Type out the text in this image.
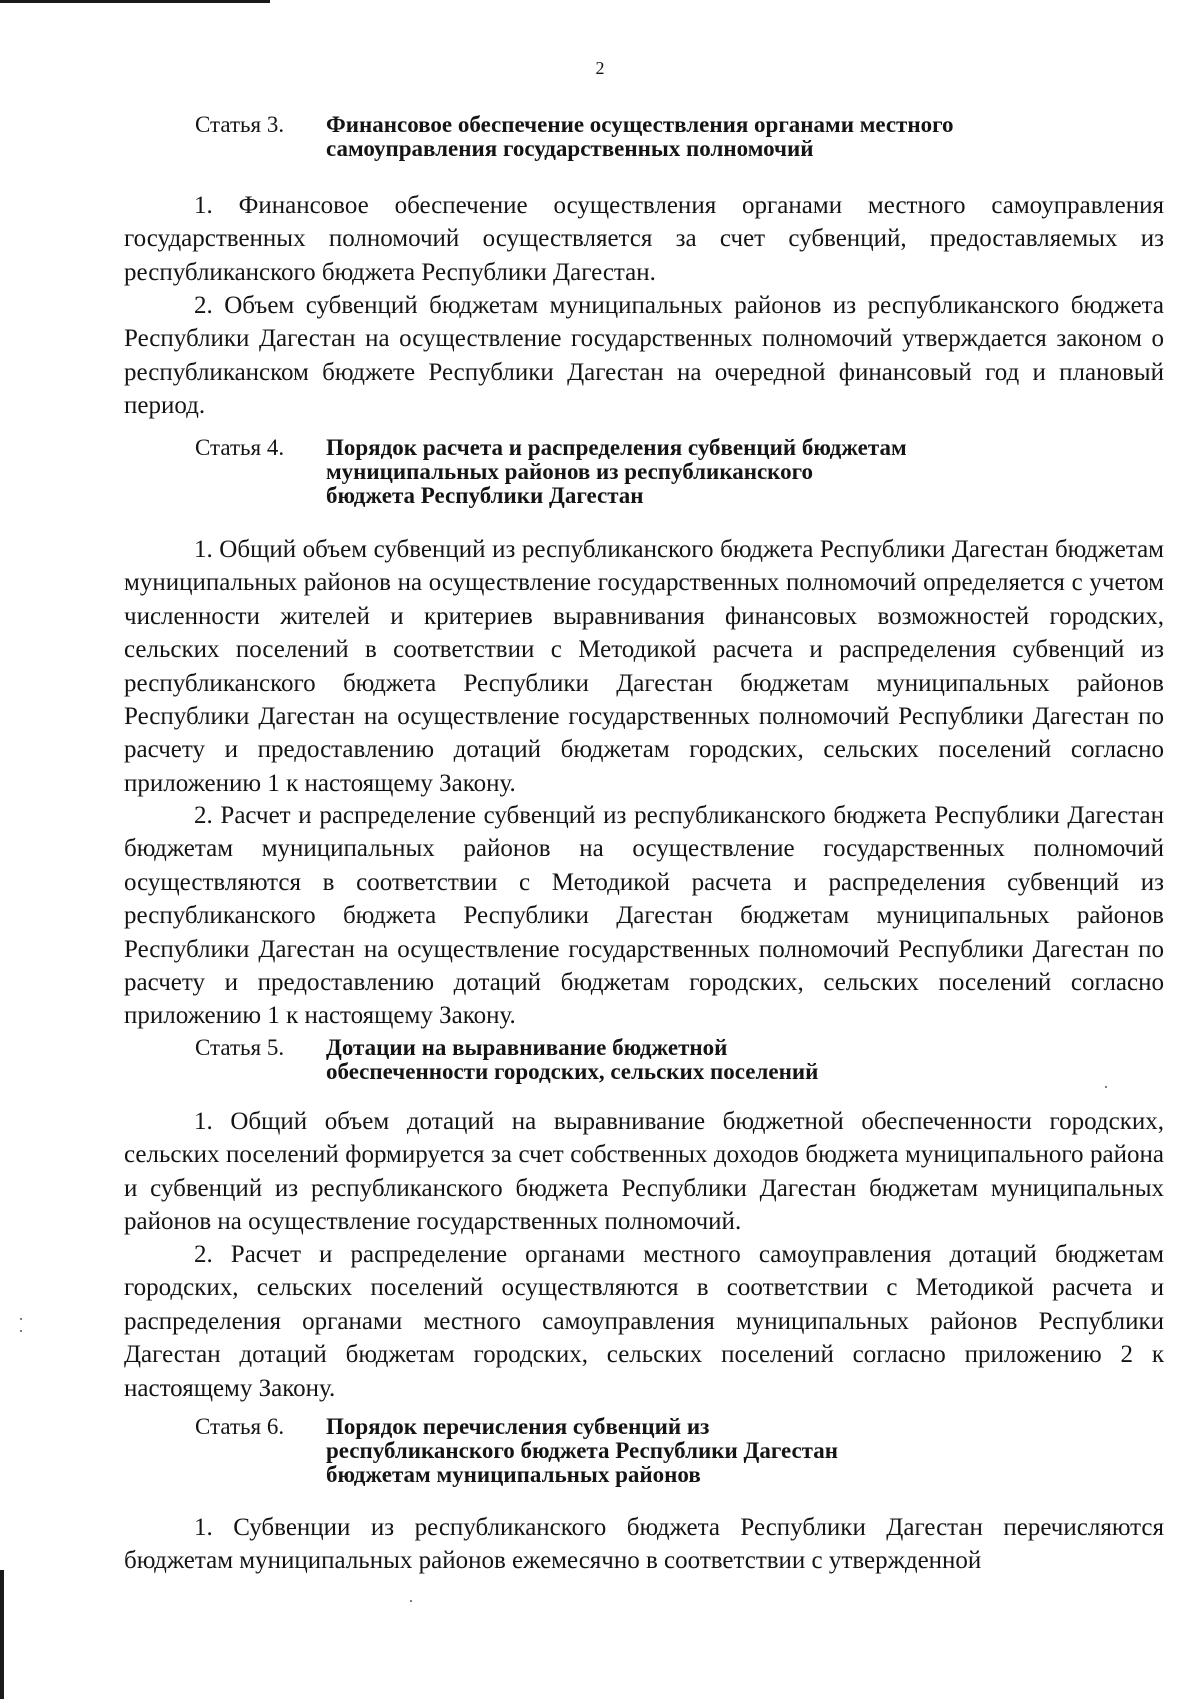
2
Статья 3.	Финансовое обеспечение осуществления органами местного
самоуправления государственных полномочий
1. Финансовое обеспечение осуществления органами местного самоуправления государственных полномочий осуществляется за счет субвенций, предоставляемых из республиканского бюджета Республики Дагестан.
2. Объем субвенций бюджетам муниципальных районов из республиканского бюджета Республики Дагестан на осуществление государственных полномочий утверждается законом о республиканском бюджете Республики Дагестан на очередной финансовый год и плановый период.
Статья 4.	Порядок расчета и распределения субвенций бюджетам
муниципальных районов из республиканского
бюджета Республики Дагестан
1. Общий объем субвенций из республиканского бюджета Республики Дагестан бюджетам муниципальных районов на осуществление государственных полномочий определяется с учетом численности жителей и критериев выравнивания финансовых возможностей городских, сельских поселений в соответствии с Методикой расчета и распределения субвенций из республиканского бюджета Республики Дагестан бюджетам муниципальных районов Республики Дагестан на осуществление государственных полномочий Республики Дагестан по расчету и предоставлению дотаций бюджетам городских, сельских поселений согласно приложению 1 к настоящему Закону.
2. Расчет и распределение субвенций из республиканского бюджета Республики Дагестан бюджетам муниципальных районов на осуществление государственных полномочий осуществляются в соответствии с Методикой расчета и распределения субвенций из республиканского бюджета Республики Дагестан бюджетам муниципальных районов Республики Дагестан на осуществление государственных полномочий Республики Дагестан по расчету и предоставлению дотаций бюджетам городских, сельских поселений согласно приложению 1 к настоящему Закону.
Статья 5.	Дотации на выравнивание бюджетной
обеспеченности городских, сельских поселений
1. Общий объем дотаций на выравнивание бюджетной обеспеченности городских, сельских поселений формируется за счет собственных доходов бюджета муниципального района и субвенций из республиканского бюджета Республики Дагестан бюджетам муниципальных районов на осуществление государственных полномочий.
2. Расчет и распределение органами местного самоуправления дотаций бюджетам городских, сельских поселений осуществляются в соответствии с Методикой расчета и распределения органами местного самоуправления муниципальных районов Республики Дагестан дотаций бюджетам городских, сельских поселений согласно приложению 2 к настоящему Закону.
Статья 6.	Порядок перечисления субвенций из
республиканского бюджета Республики Дагестан
бюджетам муниципальных районов
1. Субвенции из республиканского бюджета Республики Дагестан перечисляются бюджетам муниципальных районов ежемесячно в соответствии с утвержденной
